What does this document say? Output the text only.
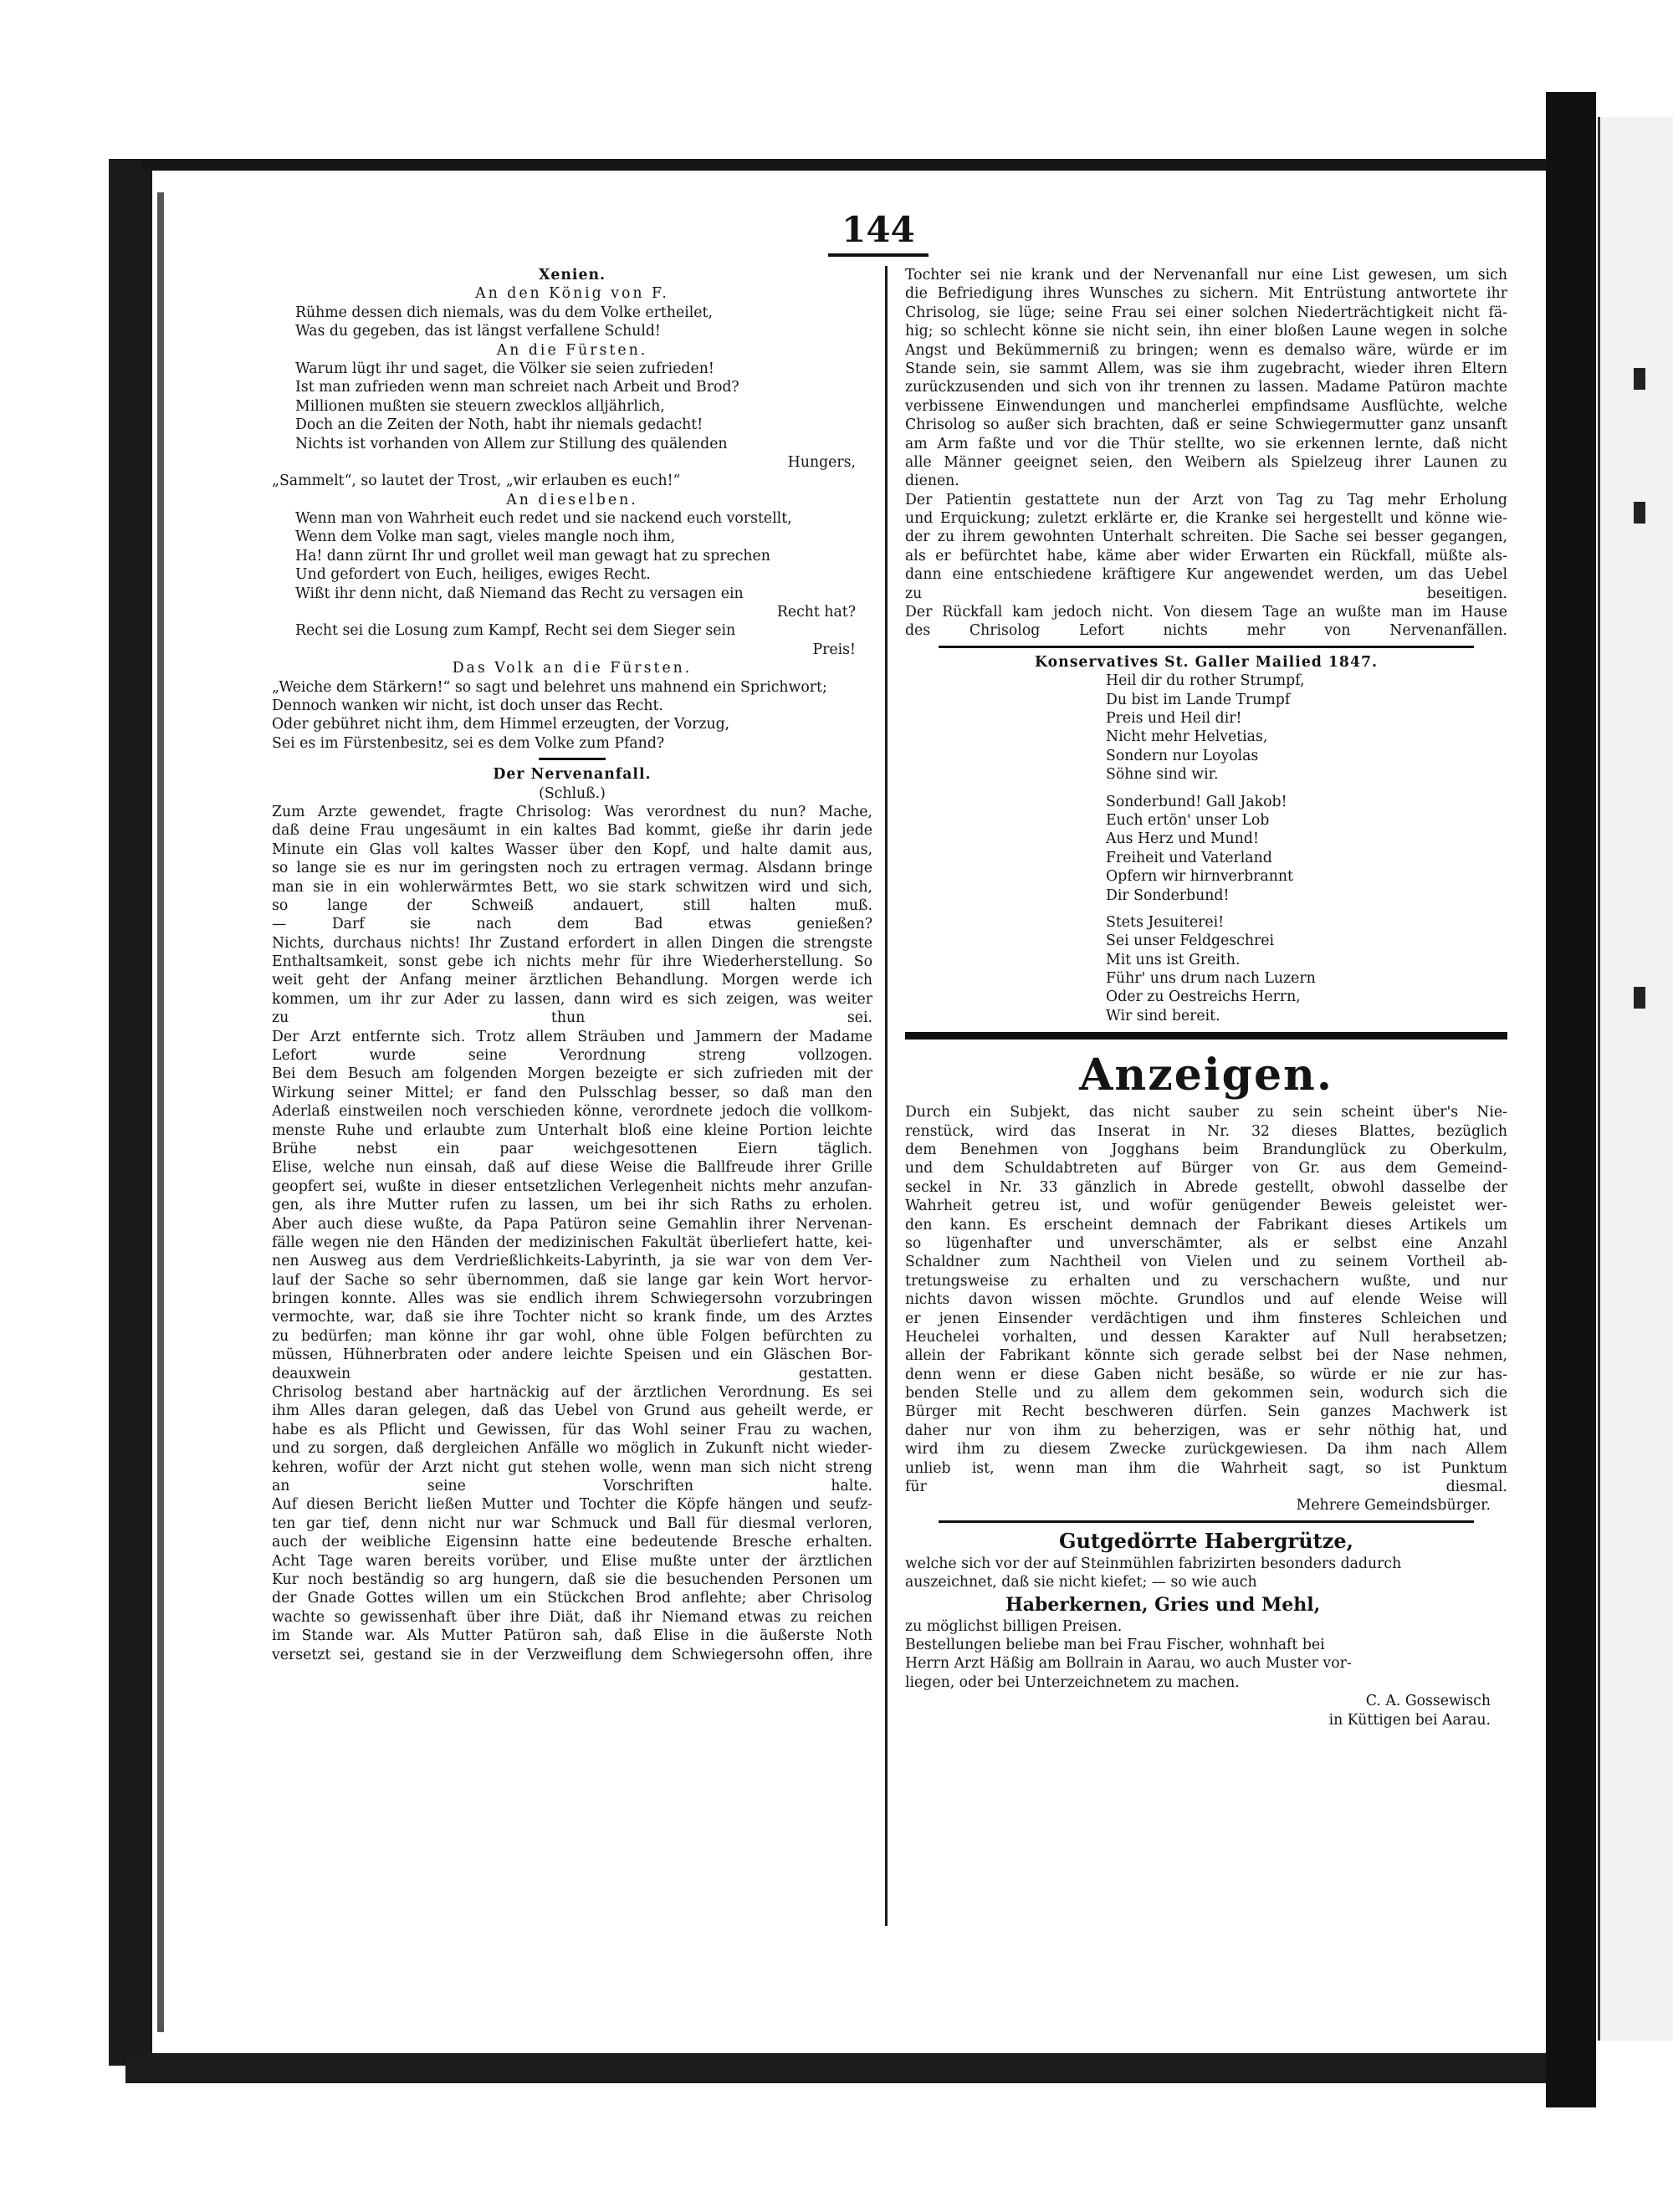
144
Xenien.
An den König von F.
Rühme dessen dich niemals, was du dem Volke ertheilet,
Was du gegeben, das ist längst verfallene Schuld!
An die Fürsten.
Warum lügt ihr und saget, die Völker sie seien zufrieden!
Ist man zufrieden wenn man schreiet nach Arbeit und Brod?
Millionen mußten sie steuern zwecklos alljährlich,
Doch an die Zeiten der Noth, habt ihr niemals gedacht!
Nichts ist vorhanden von Allem zur Stillung des quälenden
Hungers,
„Sammelt“, so lautet der Trost, „wir erlauben es euch!“
An dieselben.
Wenn man von Wahrheit euch redet und sie nackend euch vorstellt,
Wenn dem Volke man sagt, vieles mangle noch ihm,
Ha! dann zürnt Ihr und grollet weil man gewagt hat zu sprechen
Und gefordert von Euch, heiliges, ewiges Recht.
Wißt ihr denn nicht, daß Niemand das Recht zu versagen ein
Recht hat?
Recht sei die Losung zum Kampf, Recht sei dem Sieger sein
Preis!
Das Volk an die Fürsten.
„Weiche dem Stärkern!“ so sagt und belehret uns mahnend ein Sprichwort;
Dennoch wanken wir nicht, ist doch unser das Recht.
Oder gebühret nicht ihm, dem Himmel erzeugten, der Vorzug,
Sei es im Fürstenbesitz, sei es dem Volke zum Pfand?
Der Nervenanfall.
(Schluß.)
Zum Arzte gewendet, fragte Chrisolog: Was verordnest du nun? Mache,
daß deine Frau ungesäumt in ein kaltes Bad kommt, gieße ihr darin jede
Minute ein Glas voll kaltes Wasser über den Kopf, und halte damit aus,
so lange sie es nur im geringsten noch zu ertragen vermag. Alsdann bringe
man sie in ein wohlerwärmtes Bett, wo sie stark schwitzen wird und sich,
so lange der Schweiß andauert, still halten muß.
— Darf sie nach dem Bad etwas genießen?
Nichts, durchaus nichts! Ihr Zustand erfordert in allen Dingen die strengste
Enthaltsamkeit, sonst gebe ich nichts mehr für ihre Wiederherstellung. So
weit geht der Anfang meiner ärztlichen Behandlung. Morgen werde ich
kommen, um ihr zur Ader zu lassen, dann wird es sich zeigen, was weiter
zu thun sei.
Der Arzt entfernte sich. Trotz allem Sträuben und Jammern der Madame
Lefort wurde seine Verordnung streng vollzogen.
Bei dem Besuch am folgenden Morgen bezeigte er sich zufrieden mit der
Wirkung seiner Mittel; er fand den Pulsschlag besser, so daß man den
Aderlaß einstweilen noch verschieden könne, verordnete jedoch die vollkom-
menste Ruhe und erlaubte zum Unterhalt bloß eine kleine Portion leichte
Brühe nebst ein paar weichgesottenen Eiern täglich.
Elise, welche nun einsah, daß auf diese Weise die Ballfreude ihrer Grille
geopfert sei, wußte in dieser entsetzlichen Verlegenheit nichts mehr anzufan-
gen, als ihre Mutter rufen zu lassen, um bei ihr sich Raths zu erholen.
Aber auch diese wußte, da Papa Patüron seine Gemahlin ihrer Nervenan-
fälle wegen nie den Händen der medizinischen Fakultät überliefert hatte, kei-
nen Ausweg aus dem Verdrießlichkeits-Labyrinth, ja sie war von dem Ver-
lauf der Sache so sehr übernommen, daß sie lange gar kein Wort hervor-
bringen konnte. Alles was sie endlich ihrem Schwiegersohn vorzubringen
vermochte, war, daß sie ihre Tochter nicht so krank finde, um des Arztes
zu bedürfen; man könne ihr gar wohl, ohne üble Folgen befürchten zu
müssen, Hühnerbraten oder andere leichte Speisen und ein Gläschen Bor-
deauxwein gestatten.
Chrisolog bestand aber hartnäckig auf der ärztlichen Verordnung. Es sei
ihm Alles daran gelegen, daß das Uebel von Grund aus geheilt werde, er
habe es als Pflicht und Gewissen, für das Wohl seiner Frau zu wachen,
und zu sorgen, daß dergleichen Anfälle wo möglich in Zukunft nicht wieder-
kehren, wofür der Arzt nicht gut stehen wolle, wenn man sich nicht streng
an seine Vorschriften halte.
Auf diesen Bericht ließen Mutter und Tochter die Köpfe hängen und seufz-
ten gar tief, denn nicht nur war Schmuck und Ball für diesmal verloren,
auch der weibliche Eigensinn hatte eine bedeutende Bresche erhalten.
Acht Tage waren bereits vorüber, und Elise mußte unter der ärztlichen
Kur noch beständig so arg hungern, daß sie die besuchenden Personen um
der Gnade Gottes willen um ein Stückchen Brod anflehte; aber Chrisolog
wachte so gewissenhaft über ihre Diät, daß ihr Niemand etwas zu reichen
im Stande war. Als Mutter Patüron sah, daß Elise in die äußerste Noth
versetzt sei, gestand sie in der Verzweiflung dem Schwiegersohn offen, ihre
Tochter sei nie krank und der Nervenanfall nur eine List gewesen, um sich
die Befriedigung ihres Wunsches zu sichern. Mit Entrüstung antwortete ihr
Chrisolog, sie lüge; seine Frau sei einer solchen Niederträchtigkeit nicht fä-
hig; so schlecht könne sie nicht sein, ihn einer bloßen Laune wegen in solche
Angst und Bekümmerniß zu bringen; wenn es demalso wäre, würde er im
Stande sein, sie sammt Allem, was sie ihm zugebracht, wieder ihren Eltern
zurückzusenden und sich von ihr trennen zu lassen. Madame Patüron machte
verbissene Einwendungen und mancherlei empfindsame Ausflüchte, welche
Chrisolog so außer sich brachten, daß er seine Schwiegermutter ganz unsanft
am Arm faßte und vor die Thür stellte, wo sie erkennen lernte, daß nicht
alle Männer geeignet seien, den Weibern als Spielzeug ihrer Launen zu
dienen.
Der Patientin gestattete nun der Arzt von Tag zu Tag mehr Erholung
und Erquickung; zuletzt erklärte er, die Kranke sei hergestellt und könne wie-
der zu ihrem gewohnten Unterhalt schreiten. Die Sache sei besser gegangen,
als er befürchtet habe, käme aber wider Erwarten ein Rückfall, müßte als-
dann eine entschiedene kräftigere Kur angewendet werden, um das Uebel
zu beseitigen.
Der Rückfall kam jedoch nicht. Von diesem Tage an wußte man im Hause
des Chrisolog Lefort nichts mehr von Nervenanfällen.
Konservatives St. Galler Mailied 1847.
Heil dir du rother Strumpf,
Du bist im Lande Trumpf
Preis und Heil dir!
Nicht mehr Helvetias,
Sondern nur Loyolas
Söhne sind wir.
Sonderbund! Gall Jakob!
Euch ertön' unser Lob
Aus Herz und Mund!
Freiheit und Vaterland
Opfern wir hirnverbrannt
Dir Sonderbund!
Stets Jesuiterei!
Sei unser Feldgeschrei
Mit uns ist Greith.
Führ' uns drum nach Luzern
Oder zu Oestreichs Herrn,
Wir sind bereit.
Anzeigen.
Durch ein Subjekt, das nicht sauber zu sein scheint über's Nie-
renstück, wird das Inserat in Nr. 32 dieses Blattes, bezüglich
dem Benehmen von Jogghans beim Brandunglück zu Oberkulm,
und dem Schuldabtreten auf Bürger von Gr. aus dem Gemeind-
seckel in Nr. 33 gänzlich in Abrede gestellt, obwohl dasselbe der
Wahrheit getreu ist, und wofür genügender Beweis geleistet wer-
den kann. Es erscheint demnach der Fabrikant dieses Artikels um
so lügenhafter und unverschämter, als er selbst eine Anzahl
Schaldner zum Nachtheil von Vielen und zu seinem Vortheil ab-
tretungsweise zu erhalten und zu verschachern wußte, und nur
nichts davon wissen möchte. Grundlos und auf elende Weise will
er jenen Einsender verdächtigen und ihm finsteres Schleichen und
Heuchelei vorhalten, und dessen Karakter auf Null herabsetzen;
allein der Fabrikant könnte sich gerade selbst bei der Nase nehmen,
denn wenn er diese Gaben nicht besäße, so würde er nie zur has-
benden Stelle und zu allem dem gekommen sein, wodurch sich die
Bürger mit Recht beschweren dürfen. Sein ganzes Machwerk ist
daher nur von ihm zu beherzigen, was er sehr nöthig hat, und
wird ihm zu diesem Zwecke zurückgewiesen. Da ihm nach Allem
unlieb ist, wenn man ihm die Wahrheit sagt, so ist Punktum
für diesmal.
Mehrere Gemeindsbürger.
Gutgedörrte Habergrütze,
welche sich vor der auf Steinmühlen fabrizirten besonders dadurch
auszeichnet, daß sie nicht kiefet; — so wie auch
Haberkernen, Gries und Mehl,
zu möglichst billigen Preisen.
Bestellungen beliebe man bei Frau Fischer, wohnhaft bei
Herrn Arzt Häßig am Bollrain in Aarau, wo auch Muster vor-
liegen, oder bei Unterzeichnetem zu machen.
C. A. Gossewisch
in Küttigen bei Aarau.
